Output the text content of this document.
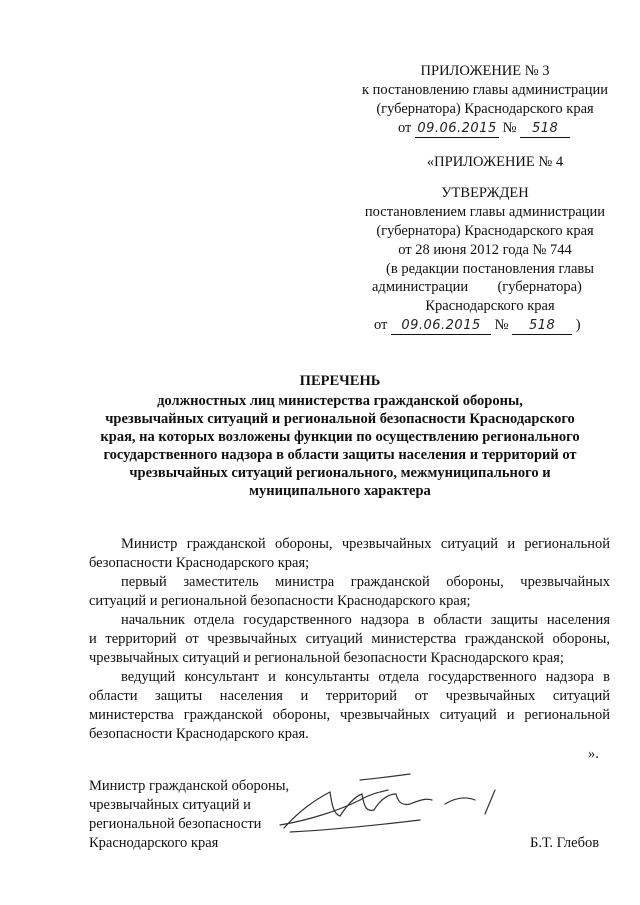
ПРИЛОЖЕНИЕ № 3
к постановлению главы администрации
(губернатора) Краснодарского края
от 09.06.2015 № 518
«ПРИЛОЖЕНИЕ № 4
УТВЕРЖДЕН
постановлением главы администрации
(губернатора) Краснодарского края
от 28 июня 2012 года № 744
(в редакции постановления главы
администрации (губернатора)
Краснодарского края
от 09.06.2015 № 518 )
ПЕРЕЧЕНЬ
должностных лиц министерства гражданской обороны,
чрезвычайных ситуаций и региональной безопасности Краснодарского
края, на которых возложены функции по осуществлению регионального
государственного надзора в области защиты населения и территорий от
чрезвычайных ситуаций регионального, межмуниципального и
муниципального характера
Министр гражданской обороны, чрезвычайных ситуаций и региональной
безопасности Краснодарского края;
первый заместитель министра гражданской обороны, чрезвычайных
ситуаций и региональной безопасности Краснодарского края;
начальник отдела государственного надзора в области защиты населения
и территорий от чрезвычайных ситуаций министерства гражданской обороны,
чрезвычайных ситуаций и региональной безопасности Краснодарского края;
ведущий консультант и консультанты отдела государственного надзора в
области защиты населения и территорий от чрезвычайных ситуаций
министерства гражданской обороны, чрезвычайных ситуаций и региональной
безопасности Краснодарского края.
».
Министр гражданской обороны,
чрезвычайных ситуаций и
региональной безопасности
Краснодарского края	Б.Т. Глебов
